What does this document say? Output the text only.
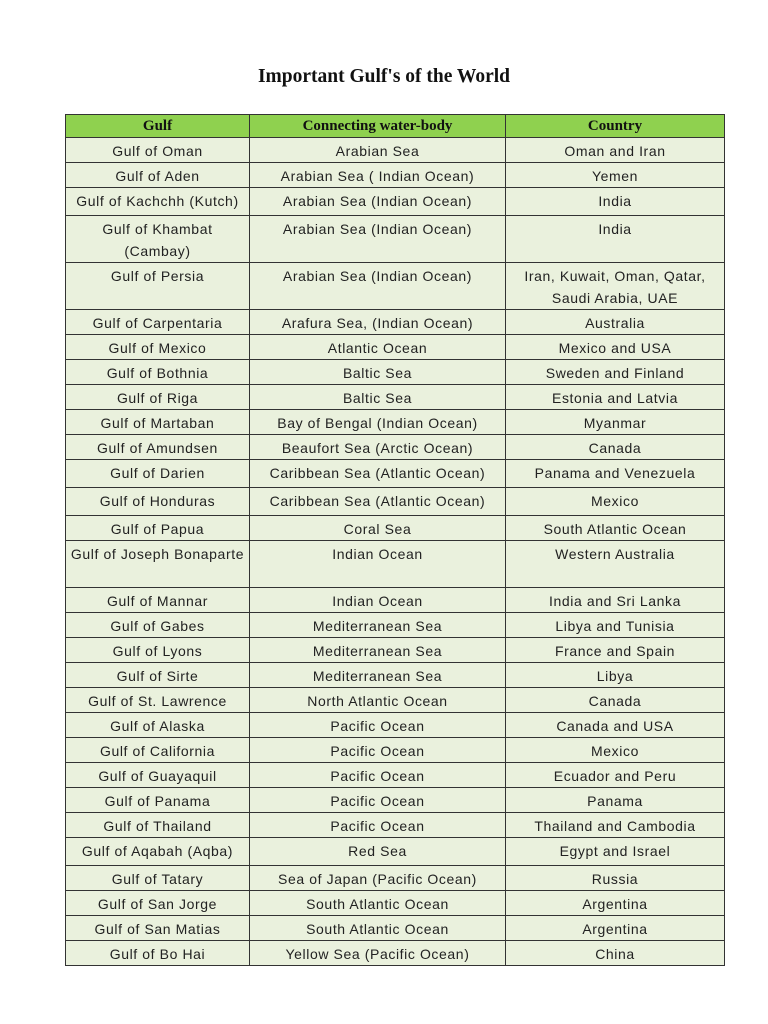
Important Gulf's of the World
Gulf	Connecting water-body	Country
Gulf of Oman	Arabian Sea	Oman and Iran
Gulf of Aden	Arabian Sea ( Indian Ocean)	Yemen
Gulf of Kachchh (Kutch)	Arabian Sea (Indian Ocean)	India
Gulf of Khambat (Cambay)	Arabian Sea (Indian Ocean)	India
Gulf of Persia	Arabian Sea (Indian Ocean)	Iran, Kuwait, Oman, Qatar, Saudi Arabia, UAE
Gulf of Carpentaria	Arafura Sea, (Indian Ocean)	Australia
Gulf of Mexico	Atlantic Ocean	Mexico and USA
Gulf of Bothnia	Baltic Sea	Sweden and Finland
Gulf of Riga	Baltic Sea	Estonia and Latvia
Gulf of Martaban	Bay of Bengal (Indian Ocean)	Myanmar
Gulf of Amundsen	Beaufort Sea (Arctic Ocean)	Canada
Gulf of Darien	Caribbean Sea (Atlantic Ocean)	Panama and Venezuela
Gulf of Honduras	Caribbean Sea (Atlantic Ocean)	Mexico
Gulf of Papua	Coral Sea	South Atlantic Ocean
Gulf of Joseph Bonaparte	Indian Ocean	Western Australia
Gulf of Mannar	Indian Ocean	India and Sri Lanka
Gulf of Gabes	Mediterranean Sea	Libya and Tunisia
Gulf of Lyons	Mediterranean Sea	France and Spain
Gulf of Sirte	Mediterranean Sea	Libya
Gulf of St. Lawrence	North Atlantic Ocean	Canada
Gulf of Alaska	Pacific Ocean	Canada and USA
Gulf of California	Pacific Ocean	Mexico
Gulf of Guayaquil	Pacific Ocean	Ecuador and Peru
Gulf of Panama	Pacific Ocean	Panama
Gulf of Thailand	Pacific Ocean	Thailand and Cambodia
Gulf of Aqabah (Aqba)	Red Sea	Egypt and Israel
Gulf of Tatary	Sea of Japan (Pacific Ocean)	Russia
Gulf of San Jorge	South Atlantic Ocean	Argentina
Gulf of San Matias	South Atlantic Ocean	Argentina
Gulf of Bo Hai	Yellow Sea (Pacific Ocean)	China
